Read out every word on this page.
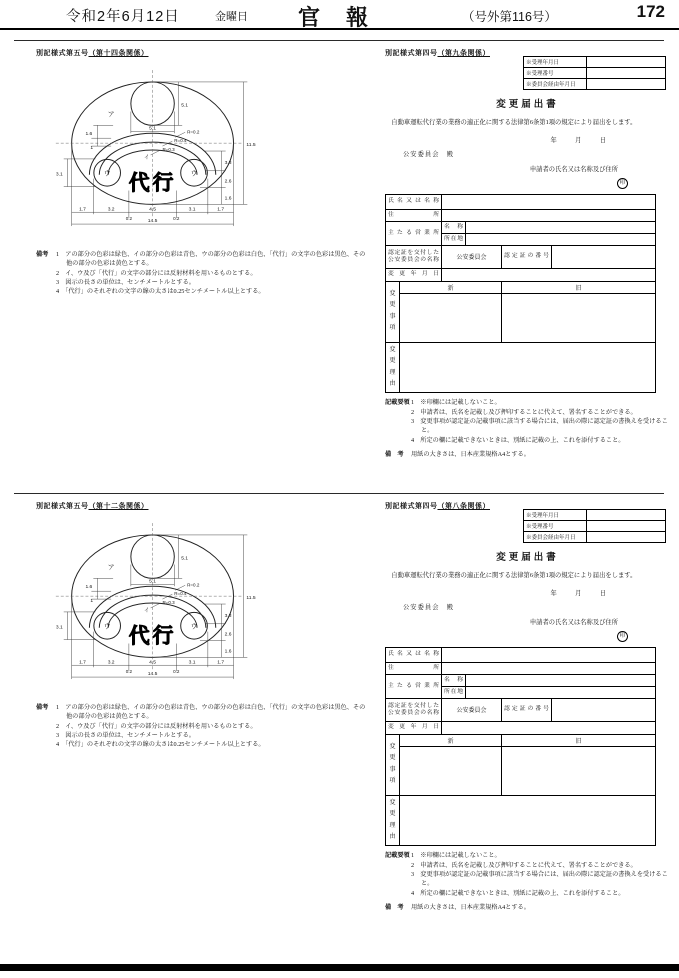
令和2年6月12日	金曜日 官報	（号外第116号）	172
別記様式第五号（第十四条関係）
代行
ア
ウ	ウ
イ
R=0.2
R=0.4
R=0.3
11.5
5.1
5.1
1.6
1
3.1
3.3
2.6
1.6
1.7	3.2	4.5	3.1	1.7
0.2	0.2
14.5
備考	1　アの部分の色彩は緑色、イの部分の色彩は青色、ウの部分の色彩は白色、「代行」の文字の色彩は黒色、その他の部分の色彩は黄色とする。
2　イ、ウ及び「代行」の文字の部分には反射材料を用いるものとする。
3　図示の長さの単位は、センチメートルとする。
4　「代行」のそれぞれの文字の線の太さは0.25センチメートル以上とする。
別記様式第四号（第九条関係）
※受理年月日	
※受理番号	
※委員会経由年月日	
変更届出書

自動車運転代行業の業務の適正化に関する法律第6条第1項の規定により届出をします。

年　月　日
公安委員会　殿
申請者の氏名又は名称及び住所
印
氏名又は名称					
住　所					
主たる営業所		名　称			
		所在地			
認定証を交付した公安委員会の名称		公安委員会		認定証の番号	
変更年月日					

変更事項	新			旧	

変更理由					

記載要領 1　※印欄には記載しないこと。
2　申請者は、氏名を記載し及び押印することに代えて、署名することができる。
3　変更事項が認定証の記載事項に該当する場合には、届出の際に認定証の書換えを受けること。
4　所定の欄に記載できないときは、別紙に記載の上、これを添付すること。
備　考	用紙の大きさは、日本産業規格A4とする。
別記様式第五号（第十二条関係）
代行
ア
ウ	ウ
イ
R=0.2
R=0.4
R=0.3
11.5
5.1
5.1
1.6
1
3.1
3.3
2.6
1.6
1.7	3.2	4.5	3.1	1.7
0.2	0.2
14.5
備考	1　アの部分の色彩は緑色、イの部分の色彩は青色、ウの部分の色彩は白色、「代行」の文字の色彩は黒色、その他の部分の色彩は黄色とする。
2　イ、ウ及び「代行」の文字の部分には反射材料を用いるものとする。
3　図示の長さの単位は、センチメートルとする。
4　「代行」のそれぞれの文字の線の太さは0.25センチメートル以上とする。
別記様式第四号（第八条関係）
※受理年月日	
※受理番号	
※委員会経由年月日	
変更届出書

自動車運転代行業の業務の適正化に関する法律第6条第1項の規定により届出をします。

年　月　日
公安委員会　殿
申請者の氏名又は名称及び住所
印
氏名又は名称					
住　所					
主たる営業所		名　称			
		所在地			
認定証を交付した公安委員会の名称		公安委員会		認定証の番号	
変更年月日					

変更事項	新			旧	

変更理由					

記載要領 1　※印欄には記載しないこと。
2　申請者は、氏名を記載し及び押印することに代えて、署名することができる。
3　変更事項が認定証の記載事項に該当する場合には、届出の際に認定証の書換えを受けること。
4　所定の欄に記載できないときは、別紙に記載の上、これを添付すること。
備　考	用紙の大きさは、日本産業規格A4とする。
